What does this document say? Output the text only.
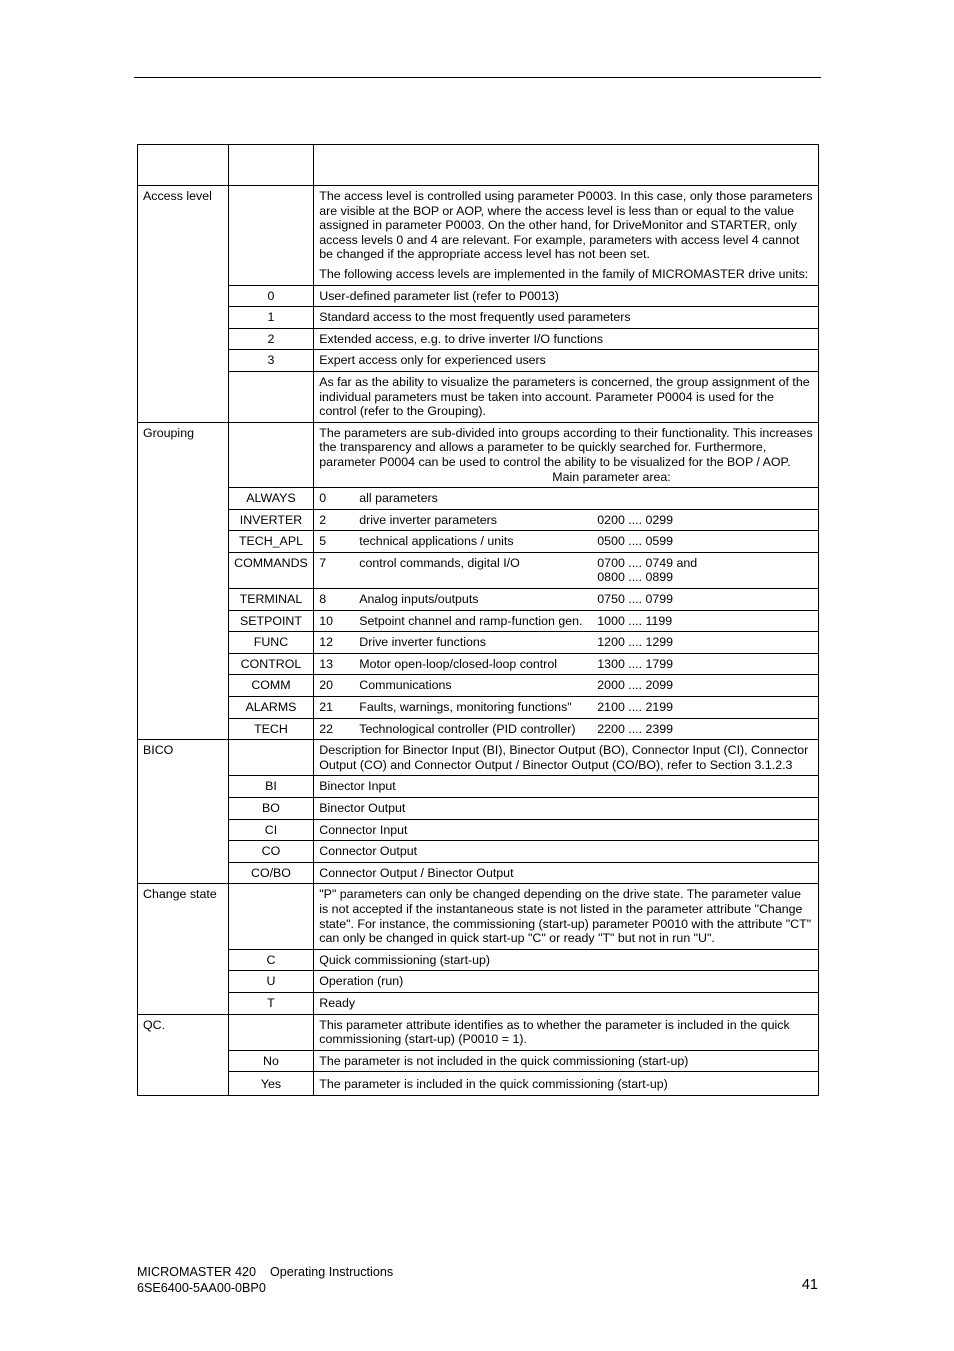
Access level		The access level is controlled using parameter P0003. In this case, only those parameters are visible at the BOP or AOP, where the access level is less than or equal to the value assigned in parameter P0003. On the other hand, for DriveMonitor and STARTER, only access levels 0 and 4 are relevant. For example, parameters with access level 4 cannot be changed if the appropriate access level has not been set.

The following access levels are implemented in the family of MICROMASTER drive units:

	0	User-defined parameter list (refer to P0013)
	1	Standard access to the most frequently used parameters
	2	Extended access, e.g. to drive inverter I/O functions
	3	Expert access only for experienced users
		As far as the ability to visualize the parameters is concerned, the group assignment of the individual parameters must be taken into account. Parameter P0004 is used for the control (refer to the Grouping).
Grouping		The parameters are sub-divided into groups according to their functionality. This increases the transparency and allows a parameter to be quickly searched for. Furthermore, parameter P0004 can be used to control the ability to be visualized for the BOP / AOP.
Main parameter area:

	ALWAYS	0 all parameters

	INVERTER	2 drive inverter parameters 0200 .... 0299

	TECH_APL	5 technical applications / units 0500 .... 0599

	COMMANDS	7 control commands, digital I/O 0700 .... 0749 and
0800 .... 0899

	TERMINAL	8 Analog inputs/outputs 0750 .... 0799

	SETPOINT	10 Setpoint channel and ramp-function gen. 1000 .... 1199

	FUNC	12 Drive inverter functions 1200 .... 1299

	CONTROL	13 Motor open-loop/closed-loop control 1300 .... 1799

	COMM	20 Communications 2000 .... 2099

	ALARMS	21 Faults, warnings, monitoring functions" 2100 .... 2199

	TECH	22 Technological controller (PID controller) 2200 .... 2399

BICO		Description for Binector Input (BI), Binector Output (BO), Connector Input (CI), Connector Output (CO) and Connector Output / Binector Output (CO/BO), refer to Section 3.1.2.3
	BI	Binector Input
	BO	Binector Output
	CI	Connector Input
	CO	Connector Output
	CO/BO	Connector Output / Binector Output
Change state		"P" parameters can only be changed depending on the drive state. The parameter value is not accepted if the instantaneous state is not listed in the parameter attribute "Change state". For instance, the commissioning (start-up) parameter P0010 with the attribute "CT" can only be changed in quick start-up "C" or ready "T" but not in run "U".
	C	Quick commissioning (start-up)
	U	Operation (run)
	T	Ready
QC.		This parameter attribute identifies as to whether the parameter is included in the quick commissioning (start-up) (P0010 = 1).
	No	The parameter is not included in the quick commissioning (start-up)
	Yes	The parameter is included in the quick commissioning (start-up)
MICROMASTER 420    Operating Instructions
6SE6400-5AA00-0BP0	41
